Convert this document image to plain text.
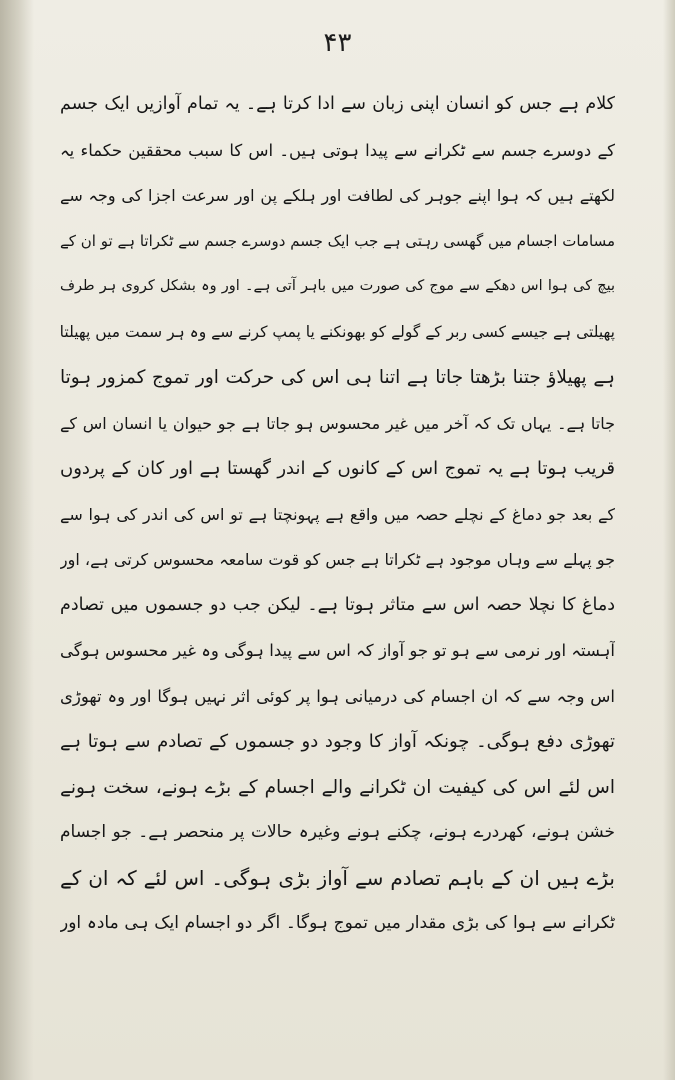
۴۳
کلام ہے جس کو انسان اپنی زبان سے ادا کرتا ہے۔ یہ تمام آوازیں ایک جسم
کے دوسرے جسم سے ٹکرانے سے پیدا ہوتی ہیں۔ اس کا سبب محققین حکماء یہ
لکھتے ہیں کہ ہوا اپنے جوہر کی لطافت اور ہلکے پن اور سرعت اجزا کی وجہ سے
مسامات اجسام میں گھسی رہتی ہے جب ایک جسم دوسرے جسم سے ٹکراتا ہے تو ان کے
بیچ کی ہوا اس دھکے سے موج کی صورت میں باہر آتی ہے۔ اور وہ بشکل کروی ہر طرف
پھیلتی ہے جیسے کسی ربر کے گولے کو بھونکنے یا پمپ کرنے سے وہ ہر سمت میں پھیلتا
ہے پھیلاؤ جتنا بڑھتا جاتا ہے اتنا ہی اس کی حرکت اور تموج کمزور ہوتا
جاتا ہے۔ یہاں تک کہ آخر میں غیر محسوس ہو جاتا ہے جو حیوان یا انسان اس کے
قریب ہوتا ہے یہ تموج اس کے کانوں کے اندر گھستا ہے اور کان کے پردوں
کے بعد جو دماغ کے نچلے حصہ میں واقع ہے پہونچتا ہے تو اس کی اندر کی ہوا سے
جو پہلے سے وہاں موجود ہے ٹکراتا ہے جس کو قوت سامعہ محسوس کرتی ہے، اور
دماغ کا نچلا حصہ اس سے متاثر ہوتا ہے۔ لیکن جب دو جسموں میں تصادم
آہستہ اور نرمی سے ہو تو جو آواز کہ اس سے پیدا ہوگی وہ غیر محسوس ہوگی
اس وجہ سے کہ ان اجسام کی درمیانی ہوا پر کوئی اثر نہیں ہوگا اور وہ تھوڑی
تھوڑی دفع ہوگی۔ چونکہ آواز کا وجود دو جسموں کے تصادم سے ہوتا ہے
اس لئے اس کی کیفیت ان ٹکرانے والے اجسام کے بڑے ہونے، سخت ہونے
خشن ہونے، کھردرے ہونے، چکنے ہونے وغیرہ حالات پر منحصر ہے۔ جو اجسام
بڑے ہیں ان کے باہم تصادم سے آواز بڑی ہوگی۔ اس لئے کہ ان کے
ٹکرانے سے ہوا کی بڑی مقدار میں تموج ہوگا۔ اگر دو اجسام ایک ہی مادہ اور
